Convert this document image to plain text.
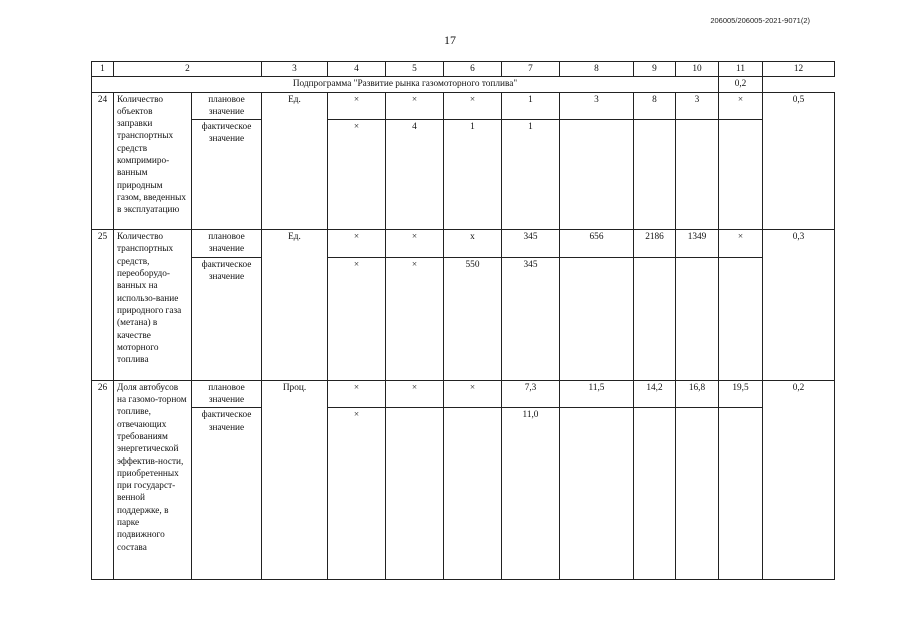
206005/206005-2021-9071(2)
17
1	2		3	4	5	6	7	8	9	10	11	12
Подпрограмма "Развитие рынка газомоторного топлива"											0,2	
24	Количество объектов заправки транспортных средств компримиро-ванным природным газом, введенных в эксплуатацию	плановое значение	Ед.	×	×	×	1	3	8	3	×	0,5
		фактическое значение		×	4	1	1					
25	Количество транспортных средств, переоборудо-ванных на использо-вание природного газа (метана) в качестве моторного топлива	плановое значение	Ед.	×	×	x	345	656	2186	1349	×	0,3
		фактическое значение		×	×	550	345					
26	Доля автобусов на газомо-торном топливе, отвечающих требованиям энергетической эффектив-ности, приобретенных при государст-венной поддержке, в парке подвижного состава	плановое значение	Проц.	×	×	×	7,3	11,5	14,2	16,8	19,5	0,2
		фактическое значение		×			11,0					
